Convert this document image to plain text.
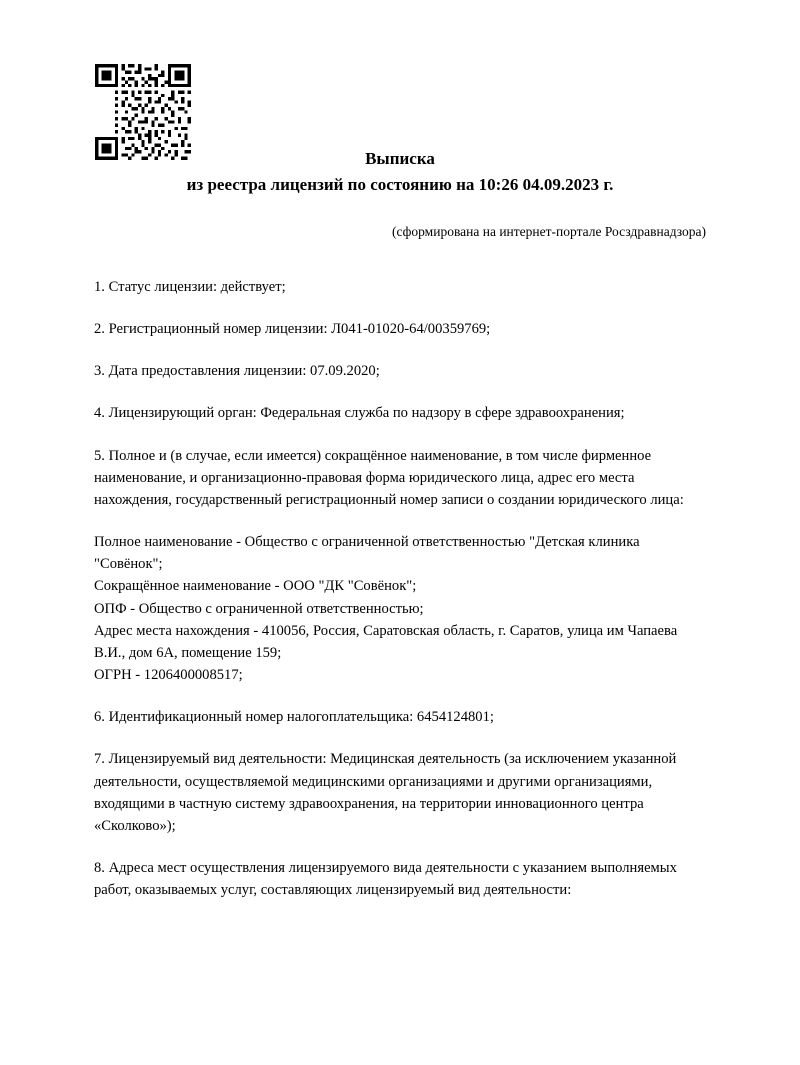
Выписка
из реестра лицензий по состоянию на 10:26 04.09.2023 г.
(сформирована на интернет-портале Росздравнадзора)

1. Статус лицензии: действует;

2. Регистрационный номер лицензии: Л041-01020-64/00359769;

3. Дата предоставления лицензии: 07.09.2020;

4. Лицензирующий орган: Федеральная служба по надзору в сфере здравоохранения;

5. Полное и (в случае, если имеется) сокращённое наименование, в том числе фирменное наименование, и организационно-правовая форма юридического лица, адрес его места нахождения, государственный регистрационный номер записи о создании юридического лица:

Полное наименование - Общество с ограниченной ответственностью "Детская клиника
"Совёнок";
Сокращённое наименование - ООО "ДК "Совёнок";
ОПФ - Общество с ограниченной ответственностью;
Адрес места нахождения - 410056, Россия, Саратовская область, г. Саратов, улица им Чапаева
В.И., дом 6А, помещение 159;
ОГРН - 1206400008517;

6. Идентификационный номер налогоплательщика: 6454124801;

7. Лицензируемый вид деятельности: Медицинская деятельность (за исключением указанной деятельности, осуществляемой медицинскими организациями и другими организациями, входящими в частную систему здравоохранения, на территории инновационного центра «Сколково»);

8. Адреса мест осуществления лицензируемого вида деятельности с указанием выполняемых работ, оказываемых услуг, составляющих лицензируемый вид деятельности:
